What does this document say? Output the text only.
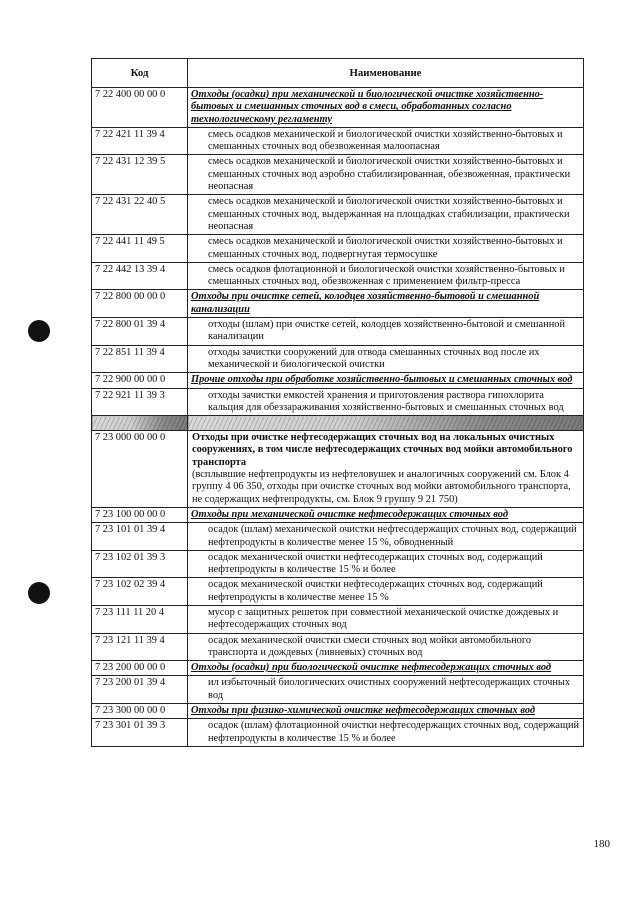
Код	Наименование
7 22 400 00 00 0	Отходы (осадки) при механической и биологической очистке хозяйственно-бытовых и смешанных сточных вод в смеси, обработанных согласно технологическому регламенту
7 22 421 11 39 4	смесь осадков механической и биологической очистки хозяйственно-бытовых и смешанных сточных вод обезвоженная малоопасная
7 22 431 12 39 5	смесь осадков механической и биологической очистки хозяйственно-бытовых и смешанных сточных вод аэробно стабилизированная, обезвоженная, практически неопасная
7 22 431 22 40 5	смесь осадков механической и биологической очистки хозяйственно-бытовых и смешанных сточных вод, выдержанная на площадках стабилизации, практически неопасная
7 22 441 11 49 5	смесь осадков механической и биологической очистки хозяйственно-бытовых и смешанных сточных вод, подвергнутая термосушке
7 22 442 13 39 4	смесь осадков флотационной и биологической очистки хозяйственно-бытовых и смешанных сточных вод, обезвоженная с применением фильтр-пресса
7 22 800 00 00 0	Отходы при очистке сетей, колодцев хозяйственно-бытовой и смешанной канализации
7 22 800 01 39 4	отходы (шлам) при очистке сетей, колодцев хозяйственно-бытовой и смешанной канализации
7 22 851 11 39 4	отходы зачистки сооружений для отвода смешанных сточных вод после их механической и биологической очистки
7 22 900 00 00 0	Прочие отходы при обработке хозяйственно-бытовых и смешанных сточных вод
7 22 921 11 39 3	отходы зачистки емкостей хранения и приготовления раствора гипохлорита кальция для обеззараживания хозяйственно-бытовых и смешанных сточных вод

7 23 000 00 00 0	Отходы при очистке нефтесодержащих сточных вод на локальных очистных сооружениях, в том числе нефтесодержащих сточных вод мойки автомобильного транспорта
(всплывшие нефтепродукты из нефтеловушек и аналогичных сооружений см. Блок 4 группу 4 06 350, отходы при очистке сточных вод мойки автомобильного транспорта, не содержащих нефтепродукты, см. Блок 9 группу 9 21 750)

7 23 100 00 00 0	Отходы при механической очистке нефтесодержащих сточных вод
7 23 101 01 39 4	осадок (шлам) механической очистки нефтесодержащих сточных вод, содержащий нефтепродукты в количестве менее 15 %, обводненный
7 23 102 01 39 3	осадок механической очистки нефтесодержащих сточных вод, содержащий нефтепродукты в количестве 15 % и более
7 23 102 02 39 4	осадок механической очистки нефтесодержащих сточных вод, содержащий нефтепродукты в количестве менее 15 %
7 23 111 11 20 4	мусор с защитных решеток при совместной механической очистке дождевых и нефтесодержащих сточных вод
7 23 121 11 39 4	осадок механической очистки смеси сточных вод мойки автомобильного транспорта и дождевых (ливневых) сточных вод
7 23 200 00 00 0	Отходы (осадки) при биологической очистке нефтесодержащих сточных вод
7 23 200 01 39 4	ил избыточный биологических очистных сооружений нефтесодержащих сточных вод
7 23 300 00 00 0	Отходы при физико-химической очистке нефтесодержащих сточных вод
7 23 301 01 39 3	осадок (шлам) флотационной очистки нефтесодержащих сточных вод, содержащий нефтепродукты в количестве 15 % и более
180
